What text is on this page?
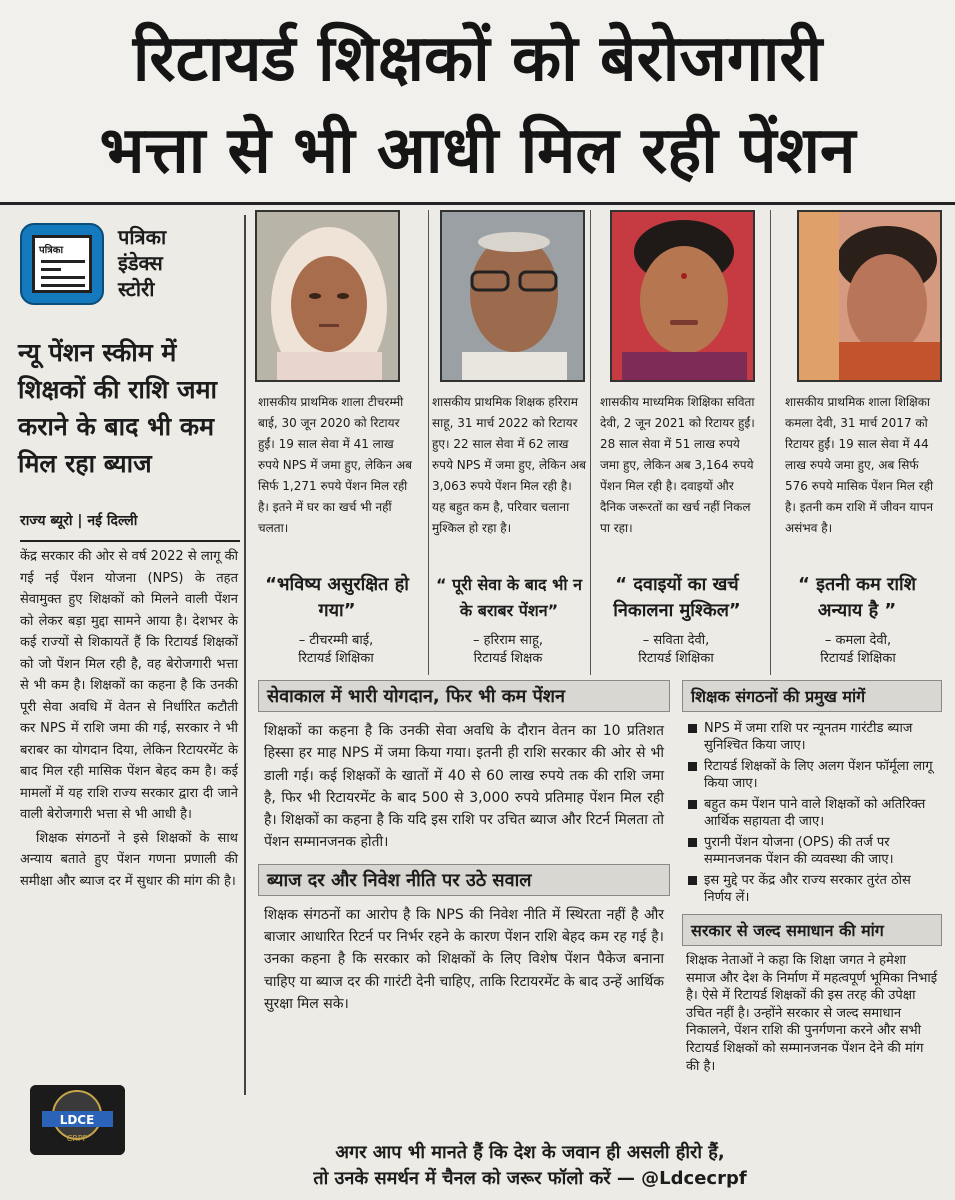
रिटायर्ड शिक्षकों को बेरोजगारी
भत्ता से भी आधी मिल रही पेंशन
पत्रिका
पत्रिका
इंडेक्स
स्टोरी
न्यू पेंशन स्कीम में शिक्षकों की राशि जमा कराने के बाद भी कम मिल रहा ब्याज
राज्य ब्यूरो | नई दिल्ली

केंद्र सरकार की ओर से वर्ष 2022 से लागू की गई नई पेंशन योजना (NPS) के तहत सेवामुक्त हुए शिक्षकों को मिलने वाली पेंशन को लेकर बड़ा मुद्दा सामने आया है। देशभर के कई राज्यों से शिकायतें हैं कि रिटायर्ड शिक्षकों को जो पेंशन मिल रही है, वह बेरोजगारी भत्ता से भी कम है। शिक्षकों का कहना है कि उनकी पूरी सेवा अवधि में वेतन से निर्धारित कटौती कर NPS में राशि जमा की गई, सरकार ने भी बराबर का योगदान दिया, लेकिन रिटायरमेंट के बाद मिल रही मासिक पेंशन बेहद कम है। कई मामलों में यह राशि राज्य सरकार द्वारा दी जाने वाली बेरोजगारी भत्ता से भी आधी है।

शिक्षक संगठनों ने इसे शिक्षकों के साथ अन्याय बताते हुए पेंशन गणना प्रणाली की समीक्षा और ब्याज दर में सुधार की मांग की है।

LDCE
CRPF
शासकीय प्राथमिक शाला टीचरम्मी बाई, 30 जून 2020 को रिटायर हुईं। 19 साल सेवा में 41 लाख रुपये NPS में जमा हुए, लेकिन अब सिर्फ 1,271 रुपये पेंशन मिल रही है। इतने में घर का खर्च भी नहीं चलता।
शासकीय प्राथमिक शिक्षक हरिराम साहू, 31 मार्च 2022 को रिटायर हुए। 22 साल सेवा में 62 लाख रुपये NPS में जमा हुए, लेकिन अब 3,063 रुपये पेंशन मिल रही है। यह बहुत कम है, परिवार चलाना मुश्किल हो रहा है।
शासकीय माध्यमिक शिक्षिका सविता देवी, 2 जून 2021 को रिटायर हुईं। 28 साल सेवा में 51 लाख रुपये जमा हुए, लेकिन अब 3,164 रुपये पेंशन मिल रही है। दवाइयों और दैनिक जरूरतों का खर्च नहीं निकल पा रहा।
शासकीय प्राथमिक शाला शिक्षिका कमला देवी, 31 मार्च 2017 को रिटायर हुईं। 19 साल सेवा में 44 लाख रुपये जमा हुए, अब सिर्फ 576 रुपये मासिक पेंशन मिल रही है। इतनी कम राशि में जीवन यापन असंभव है।
“भविष्य असुरक्षित हो गया”
“ पूरी सेवा के बाद भी न के बराबर पेंशन”
“ दवाइयों का खर्च निकालना मुश्किल”
“ इतनी कम राशि अन्याय है ”
– टीचरम्मी बाई,
रिटायर्ड शिक्षिका
– हरिराम साहू,
रिटायर्ड शिक्षक
– सविता देवी,
रिटायर्ड शिक्षिका
– कमला देवी,
रिटायर्ड शिक्षिका
सेवाकाल में भारी योगदान, फिर भी कम पेंशन
शिक्षकों का कहना है कि उनकी सेवा अवधि के दौरान वेतन का 10 प्रतिशत हिस्सा हर माह NPS में जमा किया गया। इतनी ही राशि सरकार की ओर से भी डाली गई। कई शिक्षकों के खातों में 40 से 60 लाख रुपये तक की राशि जमा है, फिर भी रिटायरमेंट के बाद 500 से 3,000 रुपये प्रतिमाह पेंशन मिल रही है। शिक्षकों का कहना है कि यदि इस राशि पर उचित ब्याज और रिटर्न मिलता तो पेंशन सम्मानजनक होती।
ब्याज दर और निवेश नीति पर उठे सवाल
शिक्षक संगठनों का आरोप है कि NPS की निवेश नीति में स्थिरता नहीं है और बाजार आधारित रिटर्न पर निर्भर रहने के कारण पेंशन राशि बेहद कम रह गई है। उनका कहना है कि सरकार को शिक्षकों के लिए विशेष पेंशन पैकेज बनाना चाहिए या ब्याज दर की गारंटी देनी चाहिए, ताकि रिटायरमेंट के बाद उन्हें आर्थिक सुरक्षा मिल सके।
शिक्षक संगठनों की प्रमुख मांगें
NPS में जमा राशि पर न्यूनतम गारंटीड ब्याज सुनिश्चित किया जाए।
रिटायर्ड शिक्षकों के लिए अलग पेंशन फॉर्मूला लागू किया जाए।
बहुत कम पेंशन पाने वाले शिक्षकों को अतिरिक्त आर्थिक सहायता दी जाए।
पुरानी पेंशन योजना (OPS) की तर्ज पर सम्मानजनक पेंशन की व्यवस्था की जाए।
इस मुद्दे पर केंद्र और राज्य सरकार तुरंत ठोस निर्णय लें।
सरकार से जल्द समाधान की मांग
शिक्षक नेताओं ने कहा कि शिक्षा जगत ने हमेशा समाज और देश के निर्माण में महत्वपूर्ण भूमिका निभाई है। ऐसे में रिटायर्ड शिक्षकों की इस तरह की उपेक्षा उचित नहीं है। उन्होंने सरकार से जल्द समाधान निकालने, पेंशन राशि की पुनर्गणना करने और सभी रिटायर्ड शिक्षकों को सम्मानजनक पेंशन देने की मांग की है।
अगर आप भी मानते हैं कि देश के जवान ही असली हीरो हैं,
तो उनके समर्थन में चैनल को जरूर फॉलो करें — @Ldcecrpf
